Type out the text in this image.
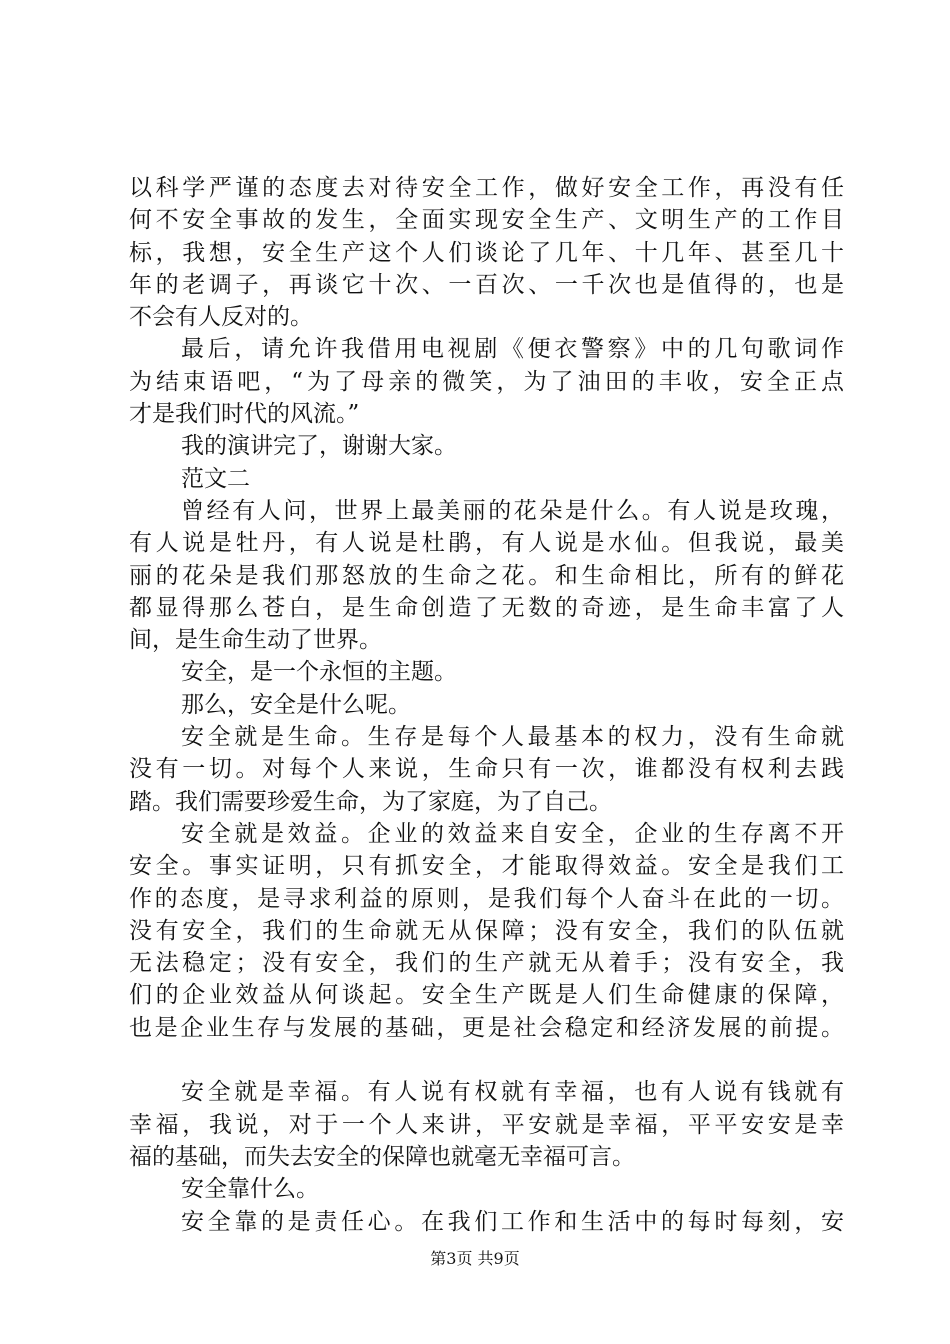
以科学严谨的态度去对待安全工作，做好安全工作，再没有任
何不安全事故的发生，全面实现安全生产、文明生产的工作目
标，我想，安全生产这个人们谈论了几年、十几年、甚至几十
年的老调子，再谈它十次、一百次、一千次也是值得的，也是
不会有人反对的。
最后，请允许我借用电视剧《便衣警察》中的几句歌词作
为结束语吧，“为了母亲的微笑，为了油田的丰收，安全正点
才是我们时代的风流。”
我的演讲完了，谢谢大家。
范文二
曾经有人问，世界上最美丽的花朵是什么。有人说是玫瑰，
有人说是牡丹，有人说是杜鹃，有人说是水仙。但我说，最美
丽的花朵是我们那怒放的生命之花。和生命相比，所有的鲜花
都显得那么苍白，是生命创造了无数的奇迹，是生命丰富了人
间，是生命生动了世界。
安全，是一个永恒的主题。
那么，安全是什么呢。
安全就是生命。生存是每个人最基本的权力，没有生命就
没有一切。对每个人来说，生命只有一次，谁都没有权利去践
踏。我们需要珍爱生命，为了家庭，为了自己。
安全就是效益。企业的效益来自安全，企业的生存离不开
安全。事实证明，只有抓安全，才能取得效益。安全是我们工
作的态度，是寻求利益的原则，是我们每个人奋斗在此的一切。
没有安全，我们的生命就无从保障；没有安全，我们的队伍就
无法稳定；没有安全，我们的生产就无从着手；没有安全，我
们的企业效益从何谈起。安全生产既是人们生命健康的保障，
也是企业生存与发展的基础，更是社会稳定和经济发展的前提。
安全就是幸福。有人说有权就有幸福，也有人说有钱就有
幸福，我说，对于一个人来讲，平安就是幸福，平平安安是幸
福的基础，而失去安全的保障也就毫无幸福可言。
安全靠什么。
安全靠的是责任心。在我们工作和生活中的每时每刻，安
第3页 共9页
